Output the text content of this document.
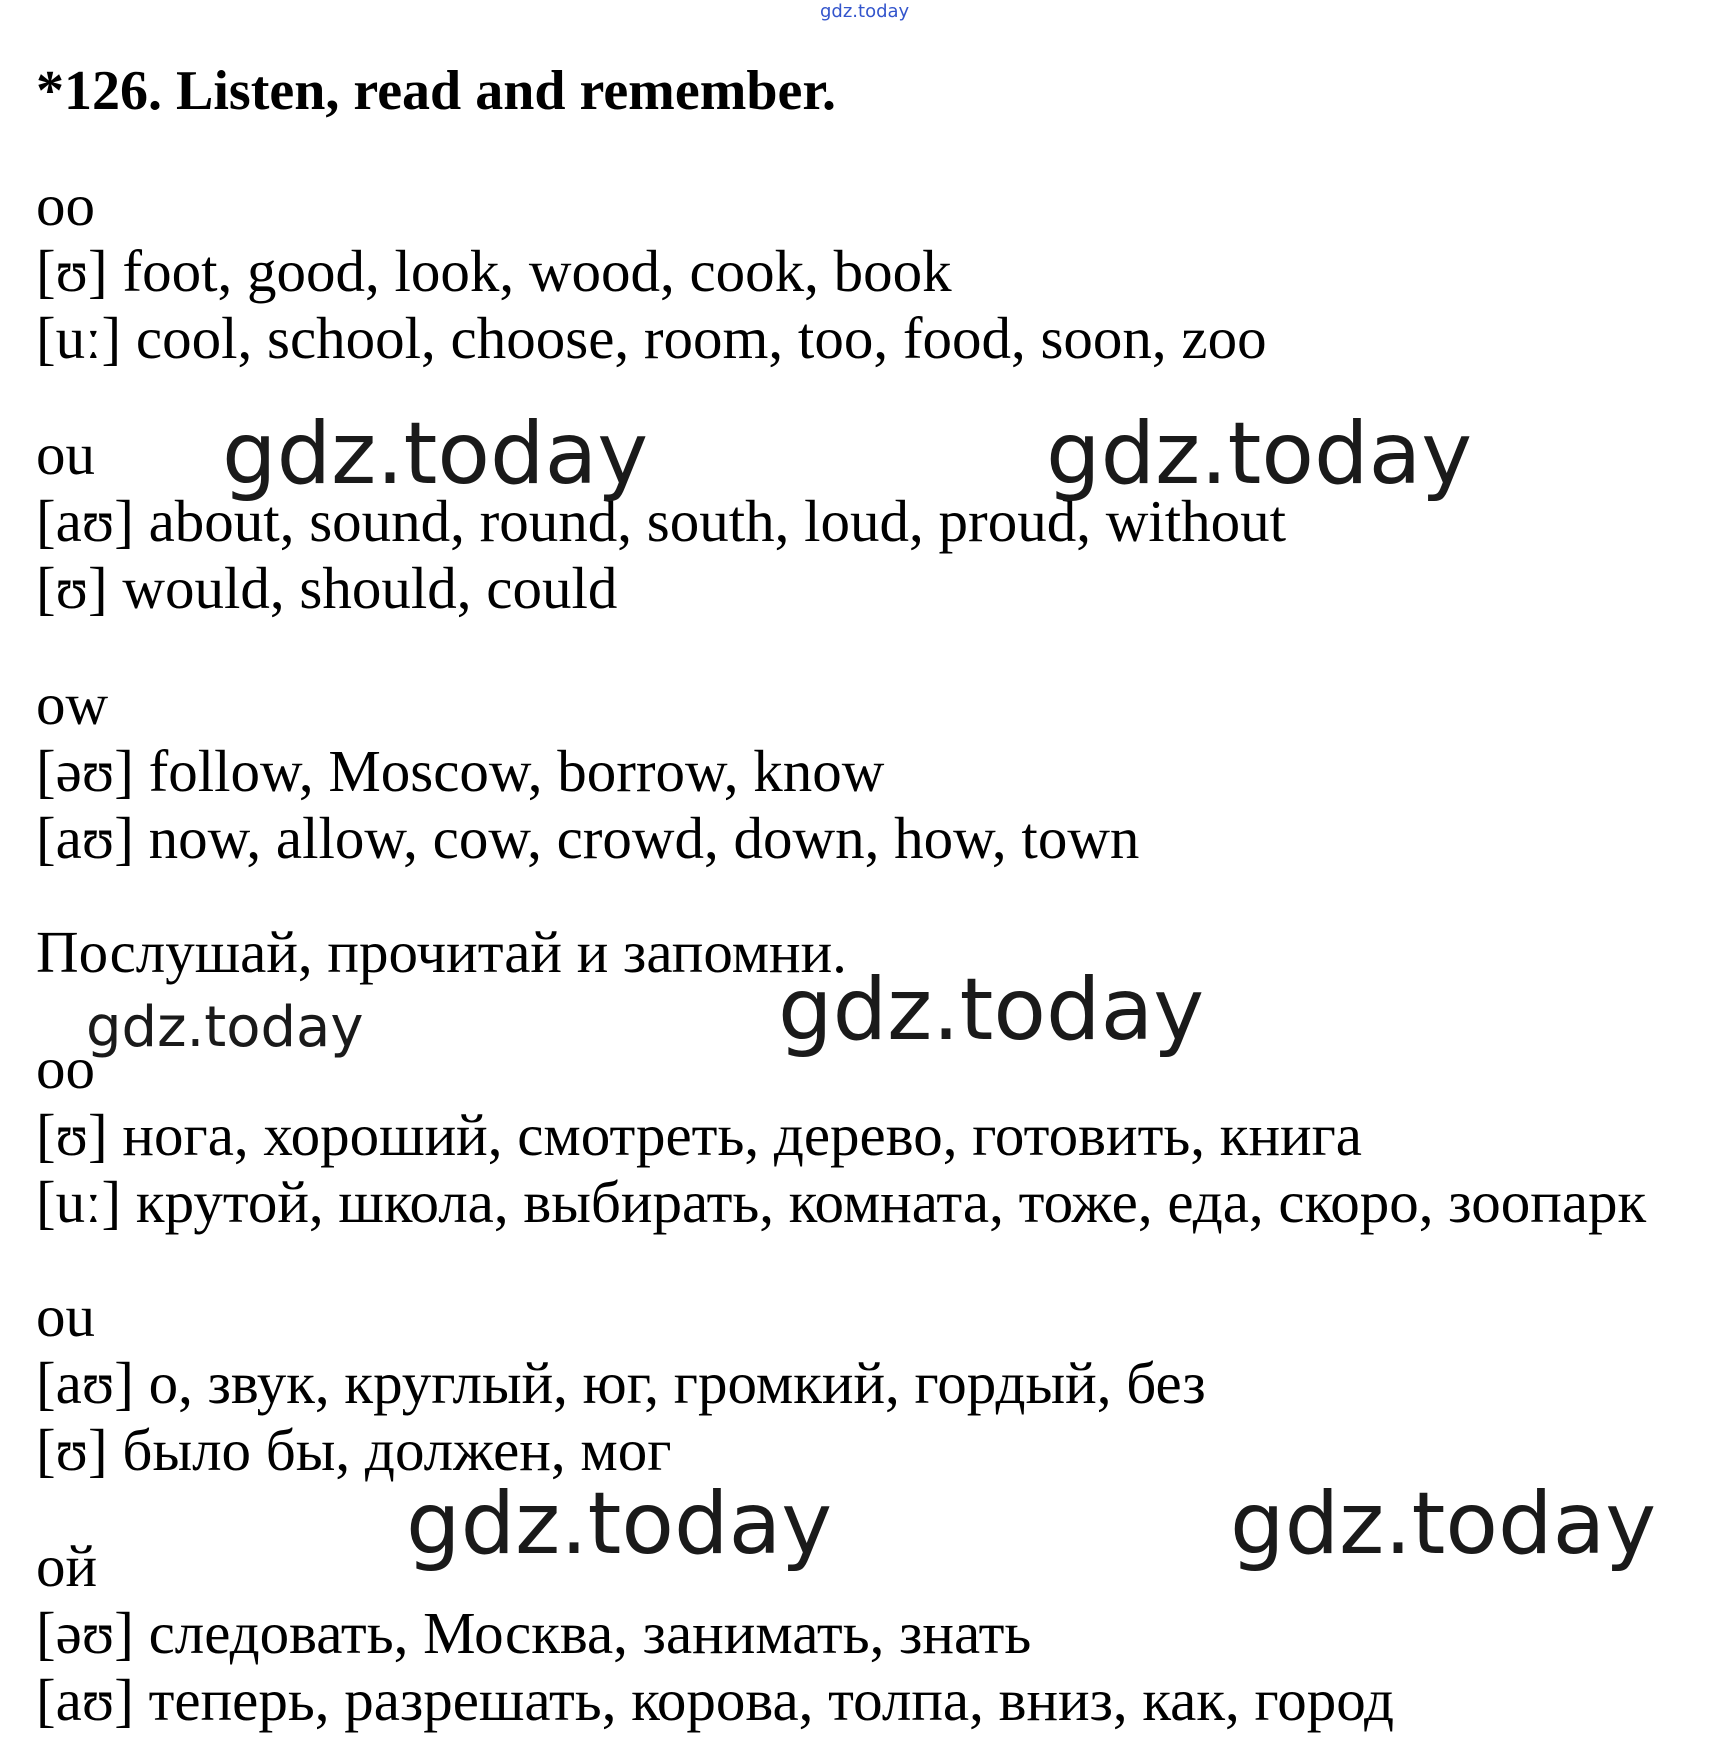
gdz.today
*126. Listen, read and remember.
oo
[ʊ] foot, good, look, wood, cook, book
[uː] cool, school, choose, room, too, food, soon, zoo
ou
[aʊ] about, sound, round, south, loud, proud, without
[ʊ] would, should, could
ow
[əʊ] follow, Moscow, borrow, know
[aʊ] now, allow, cow, crowd, down, how, town
Послушай, прочитай и запомни.
oo
[ʊ] нога, хороший, смотреть, дерево, готовить, книга
[uː] крутой, школа, выбирать, комната, тоже, еда, скоро, зоопарк
ou
[aʊ] о, звук, круглый, юг, громкий, гордый, без
[ʊ] было бы, должен, мог
ой
[əʊ] следовать, Москва, занимать, знать
[aʊ] теперь, разрешать, корова, толпа, вниз, как, город
gdz.today	gdz.today
gdz.today	gdz.today
gdz.today	gdz.today
